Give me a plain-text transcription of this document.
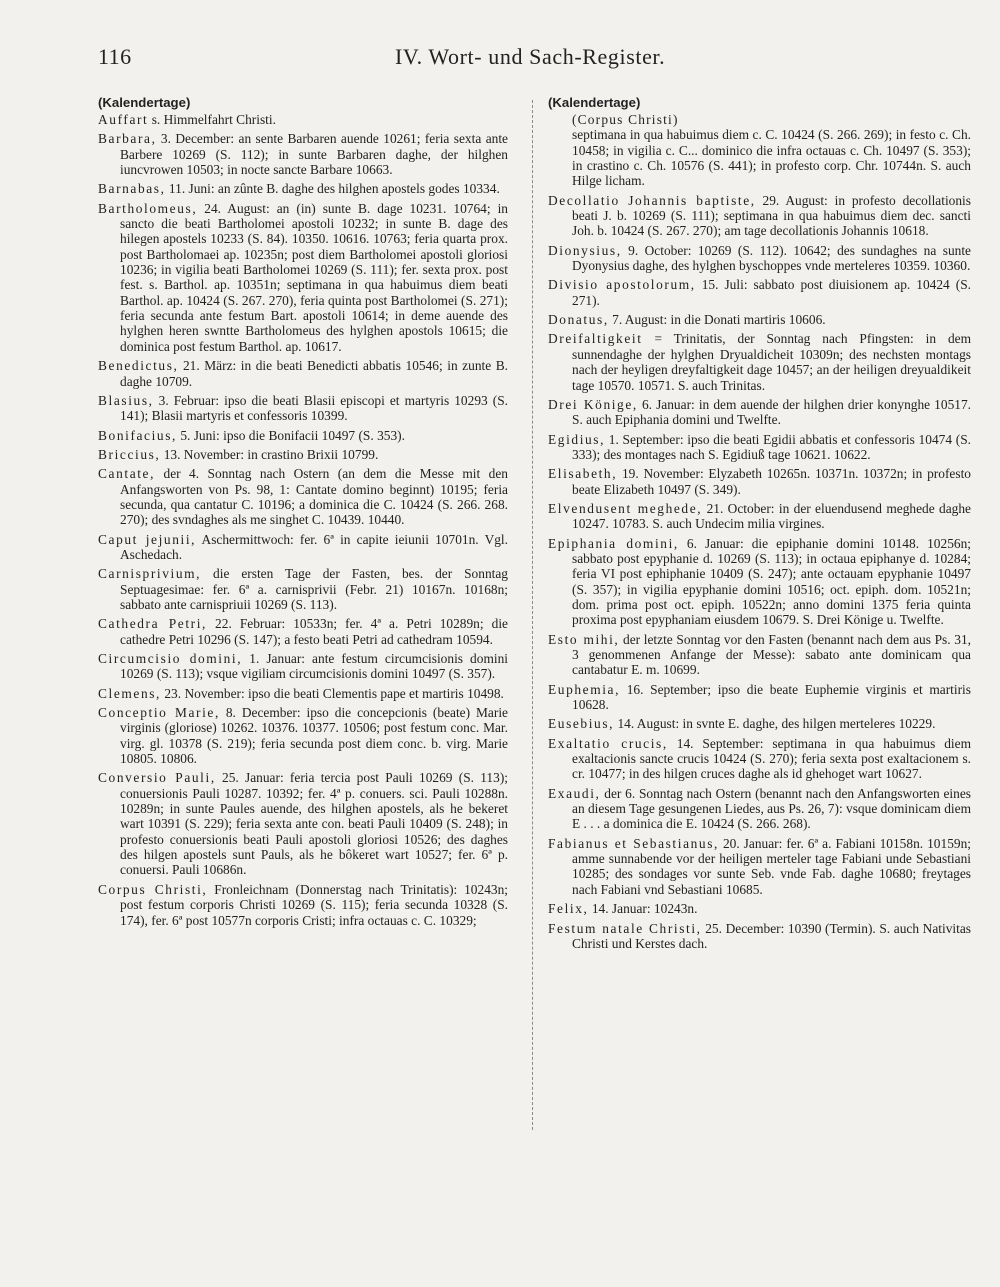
116	IV. Wort- und Sach-Register.
(Kalendertage)
Auffart s. Himmelfahrt Christi.
Barbara, 3. December: an sente Barbaren auende 10261; feria sexta ante Barbere 10269 (S. 112); in sunte Barbaren daghe, der hilghen iuncvrowen 10503; in nocte sancte Barbare 10663.
Barnabas, 11. Juni: an zûnte B. daghe des hilghen apostels godes 10334.
Bartholomeus, 24. August: an (in) sunte B. dage 10231. 10764; in sancto die beati Bartholomei apostoli 10232; in sunte B. dage des hilegen apostels 10233 (S. 84). 10350. 10616. 10763; feria quarta prox. post Bartholomaei ap. 10235n; post diem Bartholomei apostoli gloriosi 10236; in vigilia beati Bartholomei 10269 (S. 111); fer. sexta prox. post fest. s. Barthol. ap. 10351n; septimana in qua habuimus diem beati Barthol. ap. 10424 (S. 267. 270), feria quinta post Bartholomei (S. 271); feria secunda ante festum Bart. apostoli 10614; in deme auende des hylghen heren swntte Bartholomeus des hylghen apostols 10615; die dominica post festum Barthol. ap. 10617.
Benedictus, 21. März: in die beati Benedicti abbatis 10546; in zunte B. daghe 10709.
Blasius, 3. Februar: ipso die beati Blasii episcopi et martyris 10293 (S. 141); Blasii martyris et confessoris 10399.
Bonifacius, 5. Juni: ipso die Bonifacii 10497 (S. 353).
Briccius, 13. November: in crastino Brixii 10799.
Cantate, der 4. Sonntag nach Ostern (an dem die Messe mit den Anfangsworten von Ps. 98, 1: Cantate domino beginnt) 10195; feria secunda, qua cantatur C. 10196; a dominica die C. 10424 (S. 266. 268. 270); des svndaghes als me singhet C. 10439. 10440.
Caput jejunii, Aschermittwoch: fer. 6ª in capite ieiunii 10701n. Vgl. Aschedach.
Carnisprivium, die ersten Tage der Fasten, bes. der Sonntag Septuagesimae: fer. 6ª a. carnisprivii (Febr. 21) 10167n. 10168n; sabbato ante carnispriuii 10269 (S. 113).
Cathedra Petri, 22. Februar: 10533n; fer. 4ª a. Petri 10289n; die cathedre Petri 10296 (S. 147); a festo beati Petri ad cathedram 10594.
Circumcisio domini, 1. Januar: ante festum circumcisionis domini 10269 (S. 113); vsque vigiliam circumcisionis domini 10497 (S. 357).
Clemens, 23. November: ipso die beati Clementis pape et martiris 10498.
Conceptio Marie, 8. December: ipso die concepcionis (beate) Marie virginis (gloriose) 10262. 10376. 10377. 10506; post festum conc. Mar. virg. gl. 10378 (S. 219); feria secunda post diem conc. b. virg. Marie 10805. 10806.
Conversio Pauli, 25. Januar: feria tercia post Pauli 10269 (S. 113); conuersionis Pauli 10287. 10392; fer. 4ª p. conuers. sci. Pauli 10288n. 10289n; in sunte Paules auende, des hilghen apostels, als he bekeret wart 10391 (S. 229); feria sexta ante con. beati Pauli 10409 (S. 248); in profesto conuersionis beati Pauli apostoli gloriosi 10526; des daghes des hilgen apostels sunt Pauls, als he bôkeret wart 10527; fer. 6ª p. conuersi. Pauli 10686n.
Corpus Christi, Fronleichnam (Donnerstag nach Trinitatis): 10243n; post festum corporis Christi 10269 (S. 115); feria secunda 10328 (S. 174), fer. 6ª post 10577n corporis Cristi; infra octauas c. C. 10329;
(Kalendertage)
(Corpus Christi)
septimana in qua habuimus diem c. C. 10424 (S. 266. 269); in festo c. Ch. 10458; in vigilia c. C... dominico die infra octauas c. Ch. 10497 (S. 353); in crastino c. Ch. 10576 (S. 441); in profesto corp. Chr. 10744n. S. auch Hilge licham.
Decollatio Johannis baptiste, 29. August: in profesto decollationis beati J. b. 10269 (S. 111); septimana in qua habuimus diem dec. sancti Joh. b. 10424 (S. 267. 270); am tage decollationis Johannis 10618.
Dionysius, 9. October: 10269 (S. 112). 10642; des sundaghes na sunte Dyonysius daghe, des hylghen byschoppes vnde merteleres 10359. 10360.
Divisio apostolorum, 15. Juli: sabbato post diuisionem ap. 10424 (S. 271).
Donatus, 7. August: in die Donati martiris 10606.
Dreifaltigkeit = Trinitatis, der Sonntag nach Pfingsten: in dem sunnendaghe der hylghen Dryualdicheit 10309n; des nechsten montags nach der heyligen dreyfaltigkeit dage 10457; an der heiligen dreyualdikeit tage 10570. 10571. S. auch Trinitas.
Drei Könige, 6. Januar: in dem auende der hilghen drier konynghe 10517. S. auch Epiphania domini und Twelfte.
Egidius, 1. September: ipso die beati Egidii abbatis et confessoris 10474 (S. 333); des montages nach S. Egidiuß tage 10621. 10622.
Elisabeth, 19. November: Elyzabeth 10265n. 10371n. 10372n; in profesto beate Elizabeth 10497 (S. 349).
Elvendusent meghede, 21. October: in der eluendusend meghede daghe 10247. 10783. S. auch Undecim milia virgines.
Epiphania domini, 6. Januar: die epiphanie domini 10148. 10256n; sabbato post epyphanie d. 10269 (S. 113); in octaua epiphanye d. 10284; feria VI post ephiphanie 10409 (S. 247); ante octauam epyphanie 10497 (S. 357); in vigilia epyphanie domini 10516; oct. epiph. dom. 10521n; dom. prima post oct. epiph. 10522n; anno domini 1375 feria quinta proxima post epyphaniam eiusdem 10679. S. Drei Könige u. Twelfte.
Esto mihi, der letzte Sonntag vor den Fasten (benannt nach dem aus Ps. 31, 3 genommenen Anfange der Messe): sabato ante dominicam qua cantabatur E. m. 10699.
Euphemia, 16. September; ipso die beate Euphemie virginis et martiris 10628.
Eusebius, 14. August: in svnte E. daghe, des hilgen merteleres 10229.
Exaltatio crucis, 14. September: septimana in qua habuimus diem exaltacionis sancte crucis 10424 (S. 270); feria sexta post exaltacionem s. cr. 10477; in des hilgen cruces daghe als id ghehoget wart 10627.
Exaudi, der 6. Sonntag nach Ostern (benannt nach den Anfangsworten eines an diesem Tage gesungenen Liedes, aus Ps. 26, 7): vsque dominicam diem E . . . a dominica die E. 10424 (S. 266. 268).
Fabianus et Sebastianus, 20. Januar: fer. 6ª a. Fabiani 10158n. 10159n; amme sunnabende vor der heiligen merteler tage Fabiani unde Sebastiani 10285; des sondages vor sunte Seb. vnde Fab. daghe 10680; freytages nach Fabiani vnd Sebastiani 10685.
Felix, 14. Januar: 10243n.
Festum natale Christi, 25. December: 10390 (Termin). S. auch Nativitas Christi und Kerstes dach.
